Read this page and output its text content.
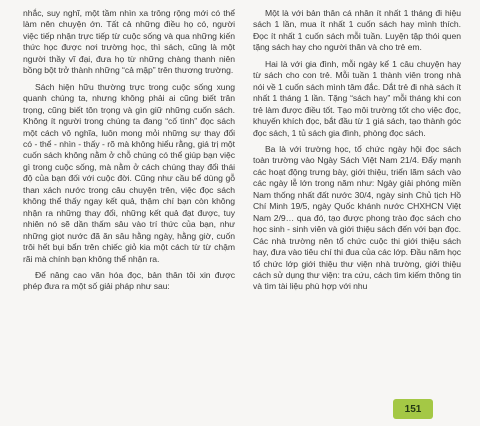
nhắc, suy nghĩ, một tầm nhìn xa trông rộng mới có thể làm nên chuyện ớn. Tất cả những điều họ có, người việc tiếp nhận trực tiếp từ cuộc sống và qua những kiến thức học được nơi trường học, thì sách, cũng là một người thầy vĩ đại, đưa họ từ những chàng thanh niên bồng bột trở thành những “cả mập” trên thương trường.

Sách hiện hữu thường trực trong cuộc sống xung quanh chúng ta, nhưng không phải ai cũng biết trân trọng, cũng biết tôn trọng và gìn giữ những cuốn sách. Không ít người trong chúng ta đang “cố tình” đọc sách một cách vô nghĩa, luôn mong mỏi những sự thay đổi có - thể - nhìn - thấy - rõ mà không hiểu rằng, giá trị một cuốn sách không nằm ở chỗ chúng có thể giúp bạn việc gì trong cuộc sống, mà nằm ở cách chúng thay đổi thái độ của bạn đối với cuộc đời. Cũng như cầu bể dùng gỗ than xách nước trong câu chuyện trên, việc đọc sách không thể thấy ngay kết quả, thậm chí bạn còn không nhận ra những thay đổi, những kết quả đạt được, tuy nhiên nó sẽ dần thấm sâu vào trí thức của bạn, như những giọt nước đã ăn sâu hằng ngày, hằng giờ, cuốn trôi hết bụi bẩn trên chiếc giỏ kia một cách từ từ chậm rãi mà chính bạn không thể nhận ra.

Để nâng cao văn hóa đọc, bản thân tôi xin được phép đưa ra một số giải pháp như sau:

Một là với bản thân cá nhân ít nhất 1 tháng đi hiệu sách 1 lần, mua ít nhất 1 cuốn sách hay mình thích. Đọc ít nhất 1 cuốn sách mỗi tuần. Luyện tập thói quen tặng sách hay cho người thân và cho trẻ em.

Hai là với gia đình, mỗi ngày kể 1 câu chuyện hay từ sách cho con trẻ. Mỗi tuần 1 thành viên trong nhà nói về 1 cuốn sách mình tâm đắc. Dắt trẻ đi nhà sách ít nhất 1 tháng 1 lần. Tặng “sách hay” mỗi tháng khi con trẻ làm được điều tốt. Tạo môi trường tốt cho việc đọc, khuyến khích đọc, bắt đầu từ 1 giá sách, tạo thành góc đọc sách, 1 tủ sách gia đình, phòng đọc sách.

Ba là với trường học, tổ chức ngày hội đọc sách toàn trường vào Ngày Sách Việt Nam 21/4. Đẩy mạnh các hoạt động trưng bày, giới thiệu, triển lãm sách vào các ngày lễ lớn trong năm như: Ngày giải phóng miền Nam thống nhất đất nước 30/4, ngày sinh Chủ tịch Hồ Chí Minh 19/5, ngày Quốc khánh nước CHXHCN Việt Nam 2/9… qua đó, tạo được phong trào đọc sách cho học sinh - sinh viên và giới thiệu sách đến với bạn đọc. Các nhà trường nên tổ chức cuộc thi giới thiệu sách hay, đưa vào tiêu chí thi đua của các lớp. Đầu năm học tổ chức lớp giới thiệu thư viện nhà trường, giới thiệu cách sử dụng thư viện: tra cứu, cách tìm kiếm thông tin và tìm tài liệu phù hợp với nhu

151
